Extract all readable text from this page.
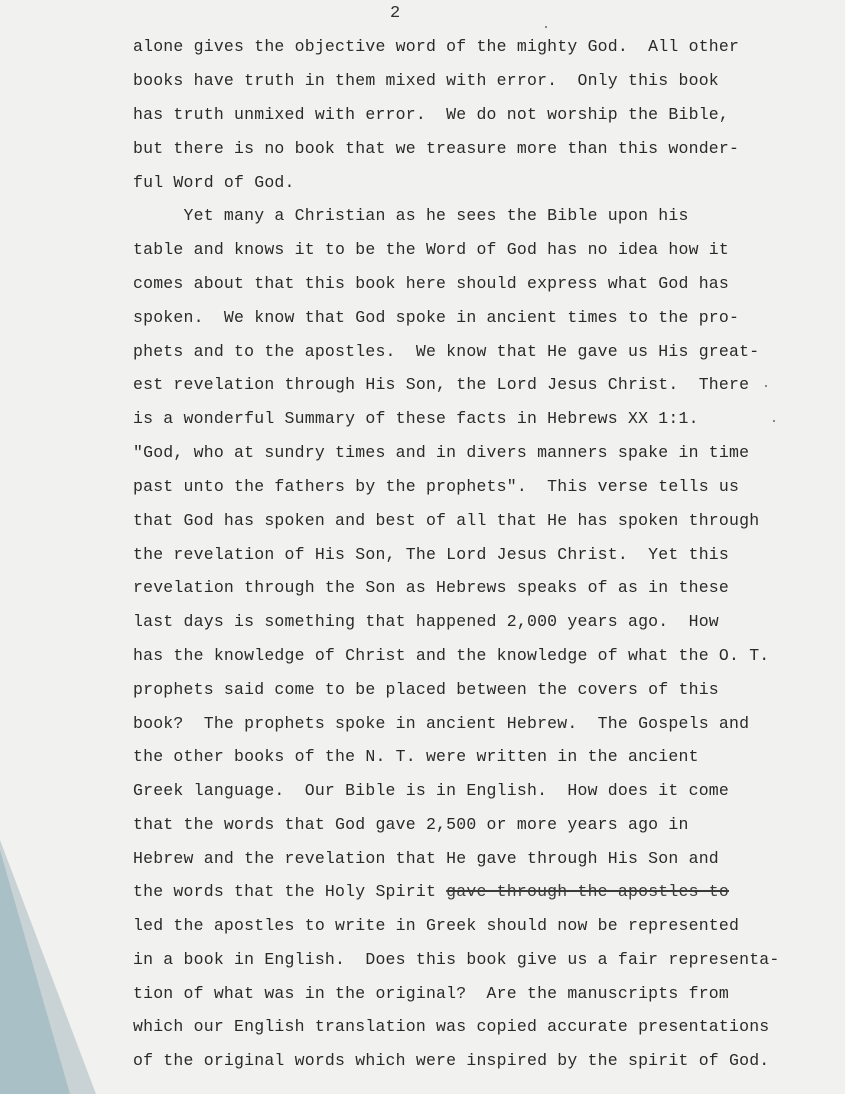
2
alone gives the objective word of the mighty God.  All other
books have truth in them mixed with error.  Only this book
has truth unmixed with error.  We do not worship the Bible,
but there is no book that we treasure more than this wonder-
ful Word of God.
Yet many a Christian as he sees the Bible upon his
table and knows it to be the Word of God has no idea how it
comes about that this book here should express what God has
spoken.  We know that God spoke in ancient times to the pro-
phets and to the apostles.  We know that He gave us His great-
est revelation through His Son, the Lord Jesus Christ.  There
is a wonderful Summary of these facts in Hebrews XX 1:1.
"God, who at sundry times and in divers manners spake in time
past unto the fathers by the prophets".  This verse tells us
that God has spoken and best of all that He has spoken through
the revelation of His Son, The Lord Jesus Christ.  Yet this
revelation through the Son as Hebrews speaks of as in these
last days is something that happened 2,000 years ago.  How
has the knowledge of Christ and the knowledge of what the O. T.
prophets said come to be placed between the covers of this
book?  The prophets spoke in ancient Hebrew.  The Gospels and
the other books of the N. T. were written in the ancient
Greek language.  Our Bible is in English.  How does it come
that the words that God gave 2,500 or more years ago in
Hebrew and the revelation that He gave through His Son and
the words that the Holy Spirit gave through the apostles to
led the apostles to write in Greek should now be represented
in a book in English.  Does this book give us a fair representa-
tion of what was in the original?  Are the manuscripts from
which our English translation was copied accurate presentations
of the original words which were inspired by the spirit of God.
